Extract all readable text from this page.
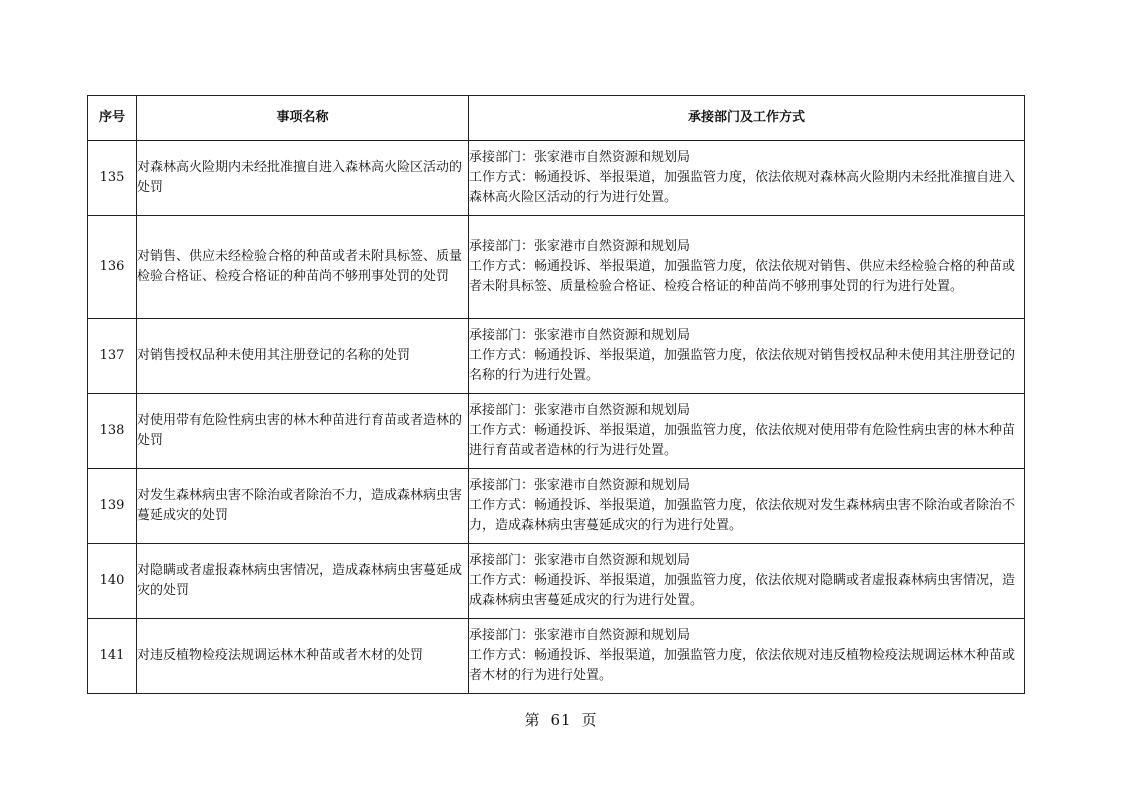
序号	事项名称	承接部门及工作方式
135	对森林高火险期内未经批准擅自进入森林高火险区活动的处罚	承接部门：张家港市自然资源和规划局
工作方式：畅通投诉、举报渠道，加强监管力度，依法依规对森林高火险期内未经批准擅自进入森林高火险区活动的行为进行处置。

136	对销售、供应未经检验合格的种苗或者未附具标签、质量检验合格证、检疫合格证的种苗尚不够刑事处罚的处罚	承接部门：张家港市自然资源和规划局
工作方式：畅通投诉、举报渠道，加强监管力度，依法依规对销售、供应未经检验合格的种苗或者未附具标签、质量检验合格证、检疫合格证的种苗尚不够刑事处罚的行为进行处置。

137	对销售授权品种未使用其注册登记的名称的处罚	承接部门：张家港市自然资源和规划局
工作方式：畅通投诉、举报渠道，加强监管力度，依法依规对销售授权品种未使用其注册登记的名称的行为进行处置。

138	对使用带有危险性病虫害的林木种苗进行育苗或者造林的处罚	承接部门：张家港市自然资源和规划局
工作方式：畅通投诉、举报渠道，加强监管力度，依法依规对使用带有危险性病虫害的林木种苗进行育苗或者造林的行为进行处置。

139	对发生森林病虫害不除治或者除治不力，造成森林病虫害蔓延成灾的处罚	承接部门：张家港市自然资源和规划局
工作方式：畅通投诉、举报渠道，加强监管力度，依法依规对发生森林病虫害不除治或者除治不力，造成森林病虫害蔓延成灾的行为进行处置。

140	对隐瞒或者虚报森林病虫害情况，造成森林病虫害蔓延成灾的处罚	承接部门：张家港市自然资源和规划局
工作方式：畅通投诉、举报渠道，加强监管力度，依法依规对隐瞒或者虚报森林病虫害情况，造成森林病虫害蔓延成灾的行为进行处置。

141	对违反植物检疫法规调运林木种苗或者木材的处罚	承接部门：张家港市自然资源和规划局
工作方式：畅通投诉、举报渠道，加强监管力度，依法依规对违反植物检疫法规调运林木种苗或者木材的行为进行处置。
第 61 页
